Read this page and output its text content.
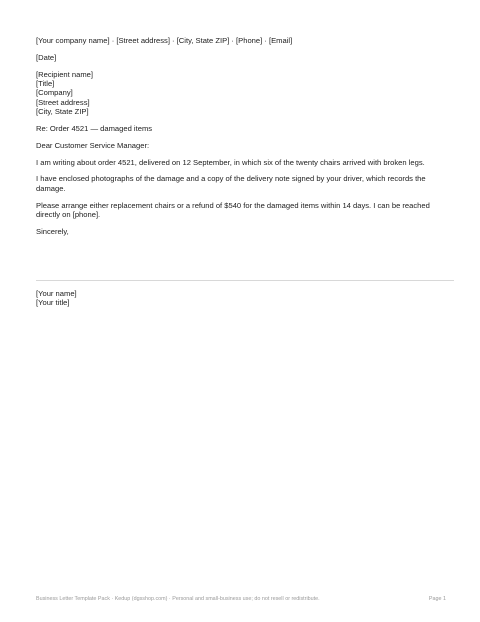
[Your company name] · [Street address] · [City, State ZIP] · [Phone] · [Email]
[Date]
[Recipient name]
[Title]
[Company]
[Street address]
[City, State ZIP]
Re: Order 4521 — damaged items
Dear Customer Service Manager:
I am writing about order 4521, delivered on 12 September, in which six of the twenty chairs arrived with broken legs.
I have enclosed photographs of the damage and a copy of the delivery note signed by your driver, which records the damage.
Please arrange either replacement chairs or a refund of $540 for the damaged items within 14 days. I can be reached directly on [phone].
Sincerely,
[Your name]
[Your title]
Business Letter Template Pack · Kedup (dgsshop.com) · Personal and small-business use; do not resell or redistribute.	Page 1
